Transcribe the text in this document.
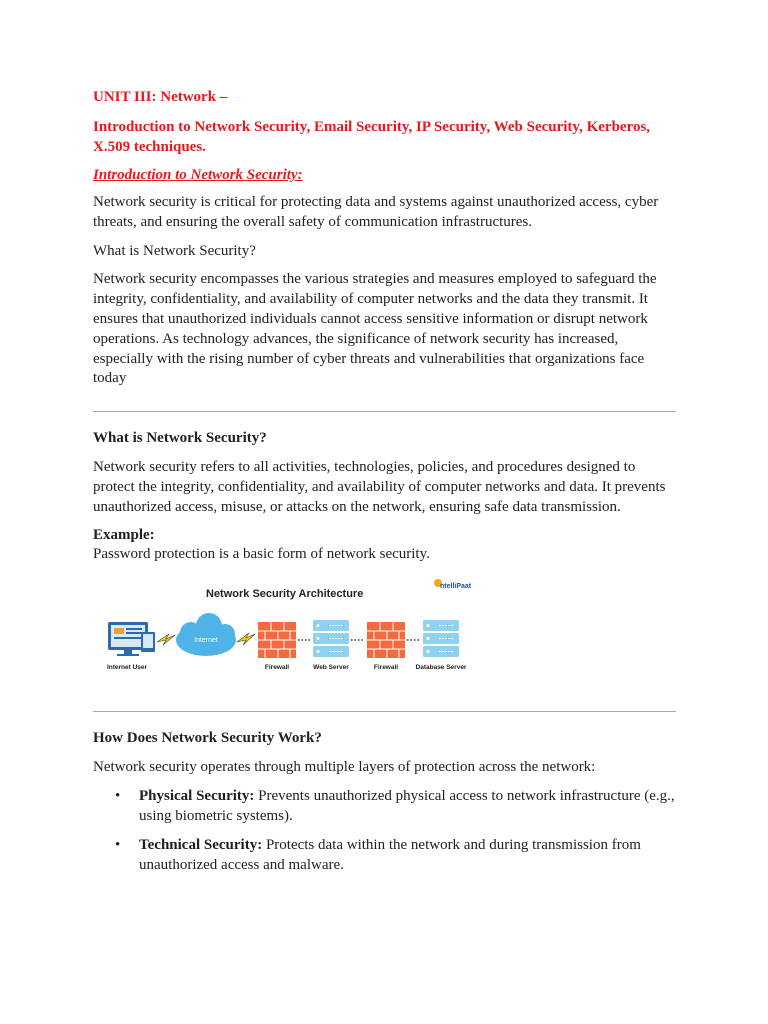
UNIT III: Network –
Introduction to Network Security, Email Security, IP Security, Web Security, Kerberos, X.509 techniques.
Introduction to Network Security:

Network security is critical for protecting data and systems against unauthorized access, cyber threats, and ensuring the overall safety of communication infrastructures.

What is Network Security?

Network security encompasses the various strategies and measures employed to safeguard the integrity, confidentiality, and availability of computer networks and the data they transmit. It ensures that unauthorized individuals cannot access sensitive information or disrupt network operations. As technology advances, the significance of network security has increased, especially with the rising number of cyber threats and vulnerabilities that organizations face today

What is Network Security?

Network security refers to all activities, technologies, policies, and procedures designed to protect the integrity, confidentiality, and availability of computer networks and data. It prevents unauthorized access, misuse, or attacks on the network, ensuring safe data transmission.

Example:

Password protection is a basic form of network security.

Network Security Architecture
ntelliPaat
Internet
Internet User	Firewall	Web Server	Firewall	Database Server
How Does Network Security Work?

Network security operates through multiple layers of protection across the network:

• Physical Security: Prevents unauthorized physical access to network infrastructure (e.g., using biometric systems).
• Technical Security: Protects data within the network and during transmission from unauthorized access and malware.
